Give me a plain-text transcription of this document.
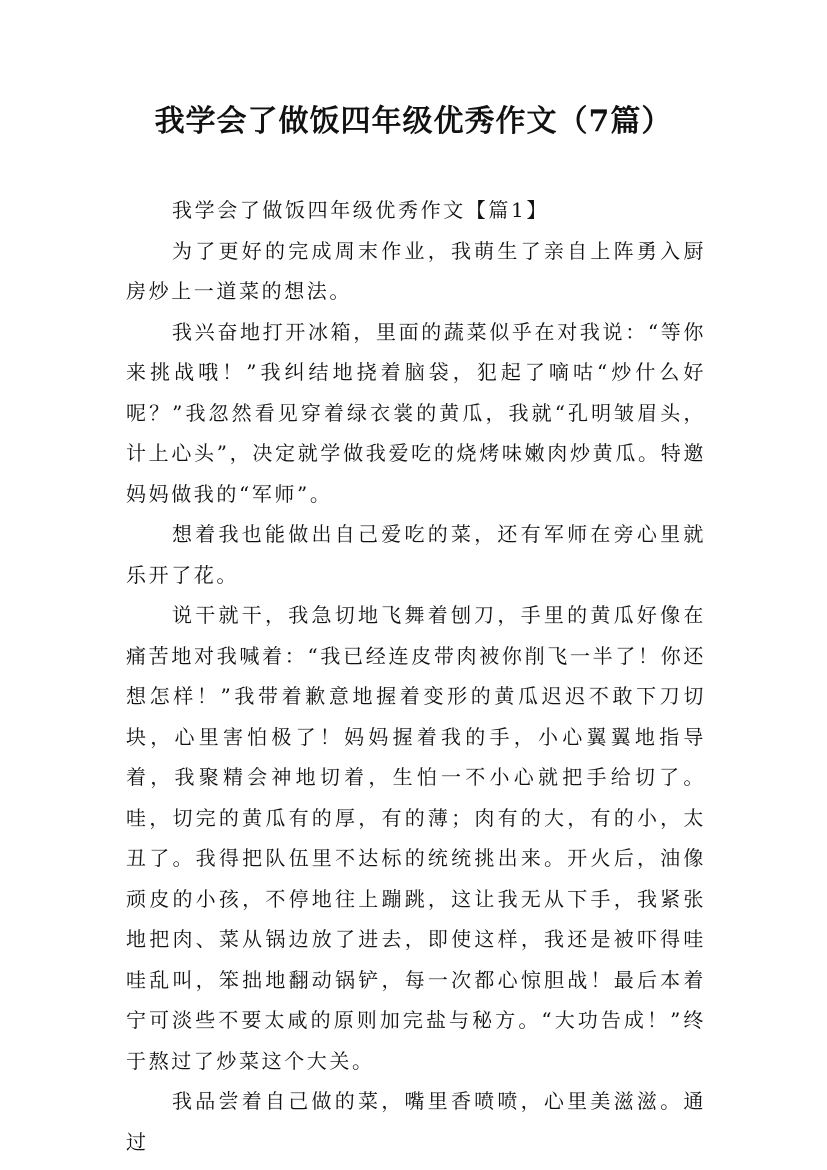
我学会了做饭四年级优秀作文（7篇）

我学会了做饭四年级优秀作文【篇1】

为了更好的完成周末作业，我萌生了亲自上阵勇入厨房炒上一道菜的想法。

我兴奋地打开冰箱，里面的蔬菜似乎在对我说：“等你来挑战哦！”我纠结地挠着脑袋，犯起了嘀咕“炒什么好呢？”我忽然看见穿着绿衣裳的黄瓜，我就“孔明皱眉头，计上心头”，决定就学做我爱吃的烧烤味嫩肉炒黄瓜。特邀妈妈做我的“军师”。

想着我也能做出自己爱吃的菜，还有军师在旁心里就乐开了花。

说干就干，我急切地飞舞着刨刀，手里的黄瓜好像在痛苦地对我喊着：“我已经连皮带肉被你削飞一半了！你还想怎样！”我带着歉意地握着变形的黄瓜迟迟不敢下刀切块，心里害怕极了！妈妈握着我的手，小心翼翼地指导着，我聚精会神地切着，生怕一不小心就把手给切了。哇，切完的黄瓜有的厚，有的薄；肉有的大，有的小，太丑了。我得把队伍里不达标的统统挑出来。开火后，油像顽皮的小孩，不停地往上蹦跳，这让我无从下手，我紧张地把肉、菜从锅边放了进去，即使这样，我还是被吓得哇哇乱叫，笨拙地翻动锅铲，每一次都心惊胆战！最后本着宁可淡些不要太咸的原则加完盐与秘方。“大功告成！”终于熬过了炒菜这个大关。

我品尝着自己做的菜，嘴里香喷喷，心里美滋滋。通过
